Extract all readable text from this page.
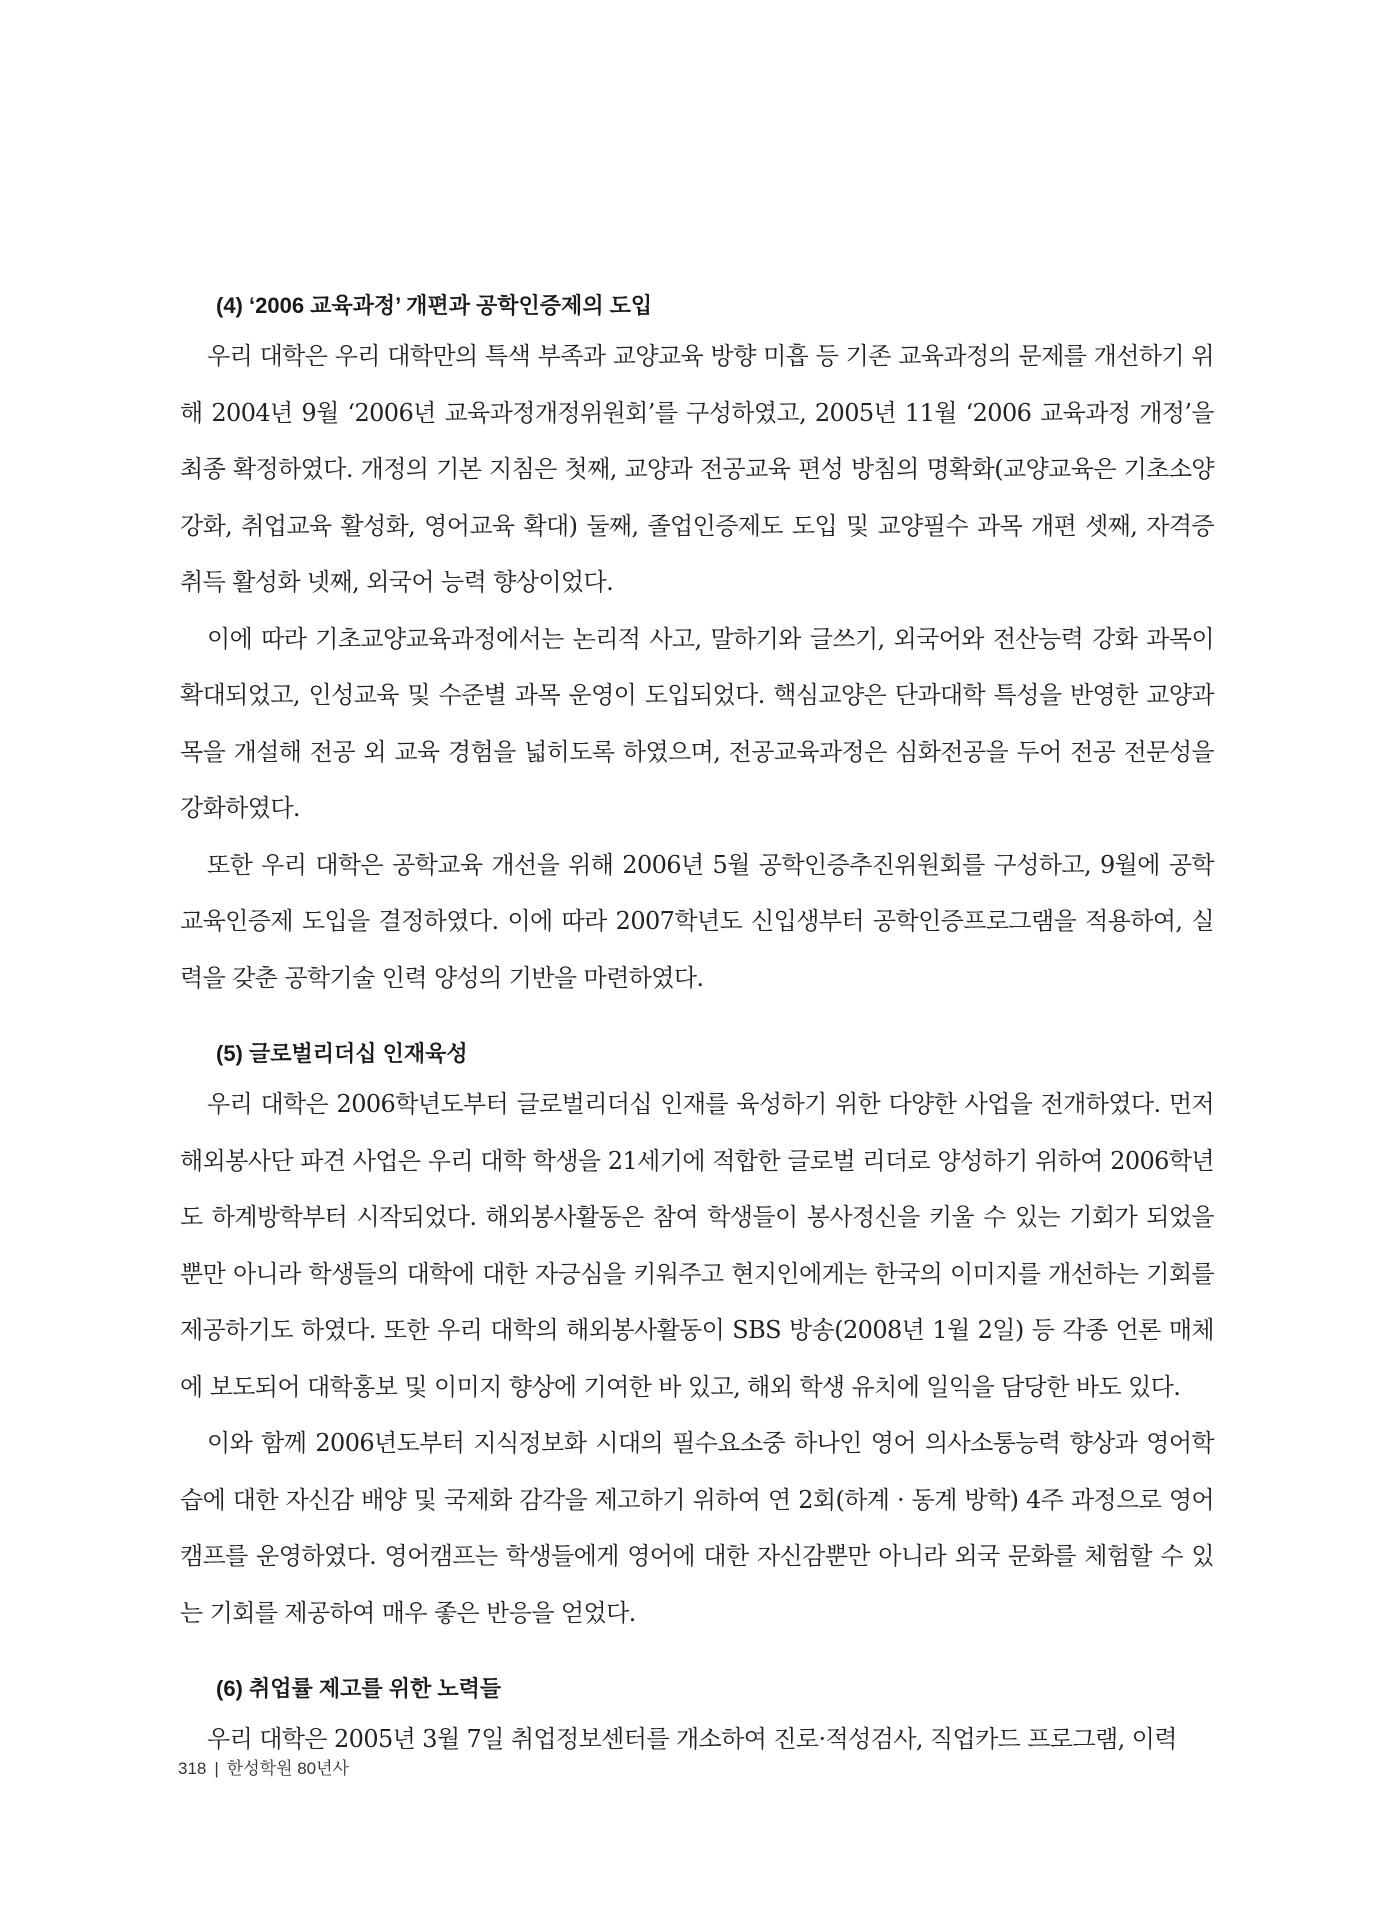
(4) ‘2006 교육과정’ 개편과 공학인증제의 도입

우리 대학은 우리 대학만의 특색 부족과 교양교육 방향 미흡 등 기존 교육과정의 문제를 개선하기 위해 2004년 9월 ‘2006년 교육과정개정위원회’를 구성하였고, 2005년 11월 ‘2006 교육과정 개정’을 최종 확정하였다. 개정의 기본 지침은 첫째, 교양과 전공교육 편성 방침의 명확화(교양교육은 기초소양 강화, 취업교육 활성화, 영어교육 확대) 둘째, 졸업인증제도 도입 및 교양필수 과목 개편 셋째, 자격증 취득 활성화 넷째, 외국어 능력 향상이었다.

이에 따라 기초교양교육과정에서는 논리적 사고, 말하기와 글쓰기, 외국어와 전산능력 강화 과목이 확대되었고, 인성교육 및 수준별 과목 운영이 도입되었다. 핵심교양은 단과대학 특성을 반영한 교양과목을 개설해 전공 외 교육 경험을 넓히도록 하였으며, 전공교육과정은 심화전공을 두어 전공 전문성을 강화하였다.

또한 우리 대학은 공학교육 개선을 위해 2006년 5월 공학인증추진위원회를 구성하고, 9월에 공학교육인증제 도입을 결정하였다. 이에 따라 2007학년도 신입생부터 공학인증프로그램을 적용하여, 실력을 갖춘 공학기술 인력 양성의 기반을 마련하였다.

(5) 글로벌리더십 인재육성

우리 대학은 2006학년도부터 글로벌리더십 인재를 육성하기 위한 다양한 사업을 전개하였다. 먼저 해외봉사단 파견 사업은 우리 대학 학생을 21세기에 적합한 글로벌 리더로 양성하기 위하여 2006학년도 하계방학부터 시작되었다. 해외봉사활동은 참여 학생들이 봉사정신을 키울 수 있는 기회가 되었을 뿐만 아니라 학생들의 대학에 대한 자긍심을 키워주고 현지인에게는 한국의 이미지를 개선하는 기회를 제공하기도 하였다. 또한 우리 대학의 해외봉사활동이 SBS 방송(2008년 1월 2일) 등 각종 언론 매체에 보도되어 대학홍보 및 이미지 향상에 기여한 바 있고, 해외 학생 유치에 일익을 담당한 바도 있다.

이와 함께 2006년도부터 지식정보화 시대의 필수요소중 하나인 영어 의사소통능력 향상과 영어학습에 대한 자신감 배양 및 국제화 감각을 제고하기 위하여 연 2회(하계 · 동계 방학) 4주 과정으로 영어캠프를 운영하였다. 영어캠프는 학생들에게 영어에 대한 자신감뿐만 아니라 외국 문화를 체험할 수 있는 기회를 제공하여 매우 좋은 반응을 얻었다.

(6) 취업률 제고를 위한 노력들

우리 대학은 2005년 3월 7일 취업정보센터를 개소하여 진로·적성검사, 직업카드 프로그램, 이력

318 | 한성학원 80년사
